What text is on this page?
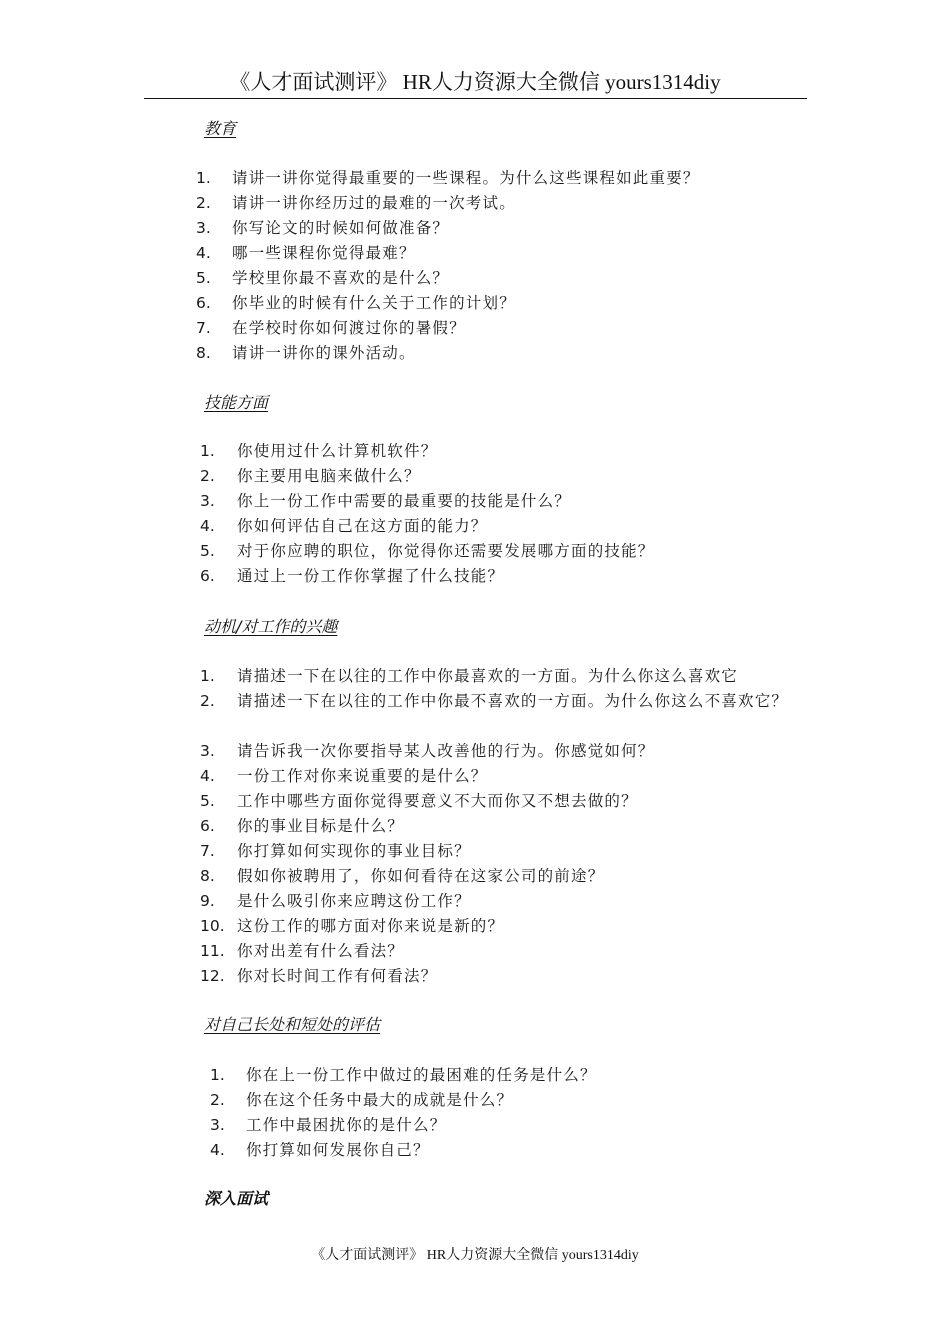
《人才面试测评》 HR人力资源大全微信 yours1314diy
教育
1.	请讲一讲你觉得最重要的一些课程。为什么这些课程如此重要？
2.	请讲一讲你经历过的最难的一次考试。
3.	你写论文的时候如何做准备？
4.	哪一些课程你觉得最难？
5.	学校里你最不喜欢的是什么？
6.	你毕业的时候有什么关于工作的计划？
7.	在学校时你如何渡过你的暑假？
8.	请讲一讲你的课外活动。
技能方面
1.	你使用过什么计算机软件？
2.	你主要用电脑来做什么？
3.	你上一份工作中需要的最重要的技能是什么？
4.	你如何评估自己在这方面的能力？
5.	对于你应聘的职位，你觉得你还需要发展哪方面的技能？
6.	通过上一份工作你掌握了什么技能？
动机/对工作的兴趣
1.	请描述一下在以往的工作中你最喜欢的一方面。为什么你这么喜欢它
2.	请描述一下在以往的工作中你最不喜欢的一方面。为什么你这么不喜欢它？
3.	请告诉我一次你要指导某人改善他的行为。你感觉如何？
4.	一份工作对你来说重要的是什么？
5.	工作中哪些方面你觉得要意义不大而你又不想去做的？
6.	你的事业目标是什么？
7.	你打算如何实现你的事业目标？
8.	假如你被聘用了，你如何看待在这家公司的前途？
9.	是什么吸引你来应聘这份工作？
10. 这份工作的哪方面对你来说是新的？
11. 你对出差有什么看法？
12. 你对长时间工作有何看法？
对自己长处和短处的评估
1.	你在上一份工作中做过的最困难的任务是什么？
2.	你在这个任务中最大的成就是什么？
3.	工作中最困扰你的是什么？
4.	你打算如何发展你自己？
深入面试
《人才面试测评》 HR人力资源大全微信 yours1314diy
